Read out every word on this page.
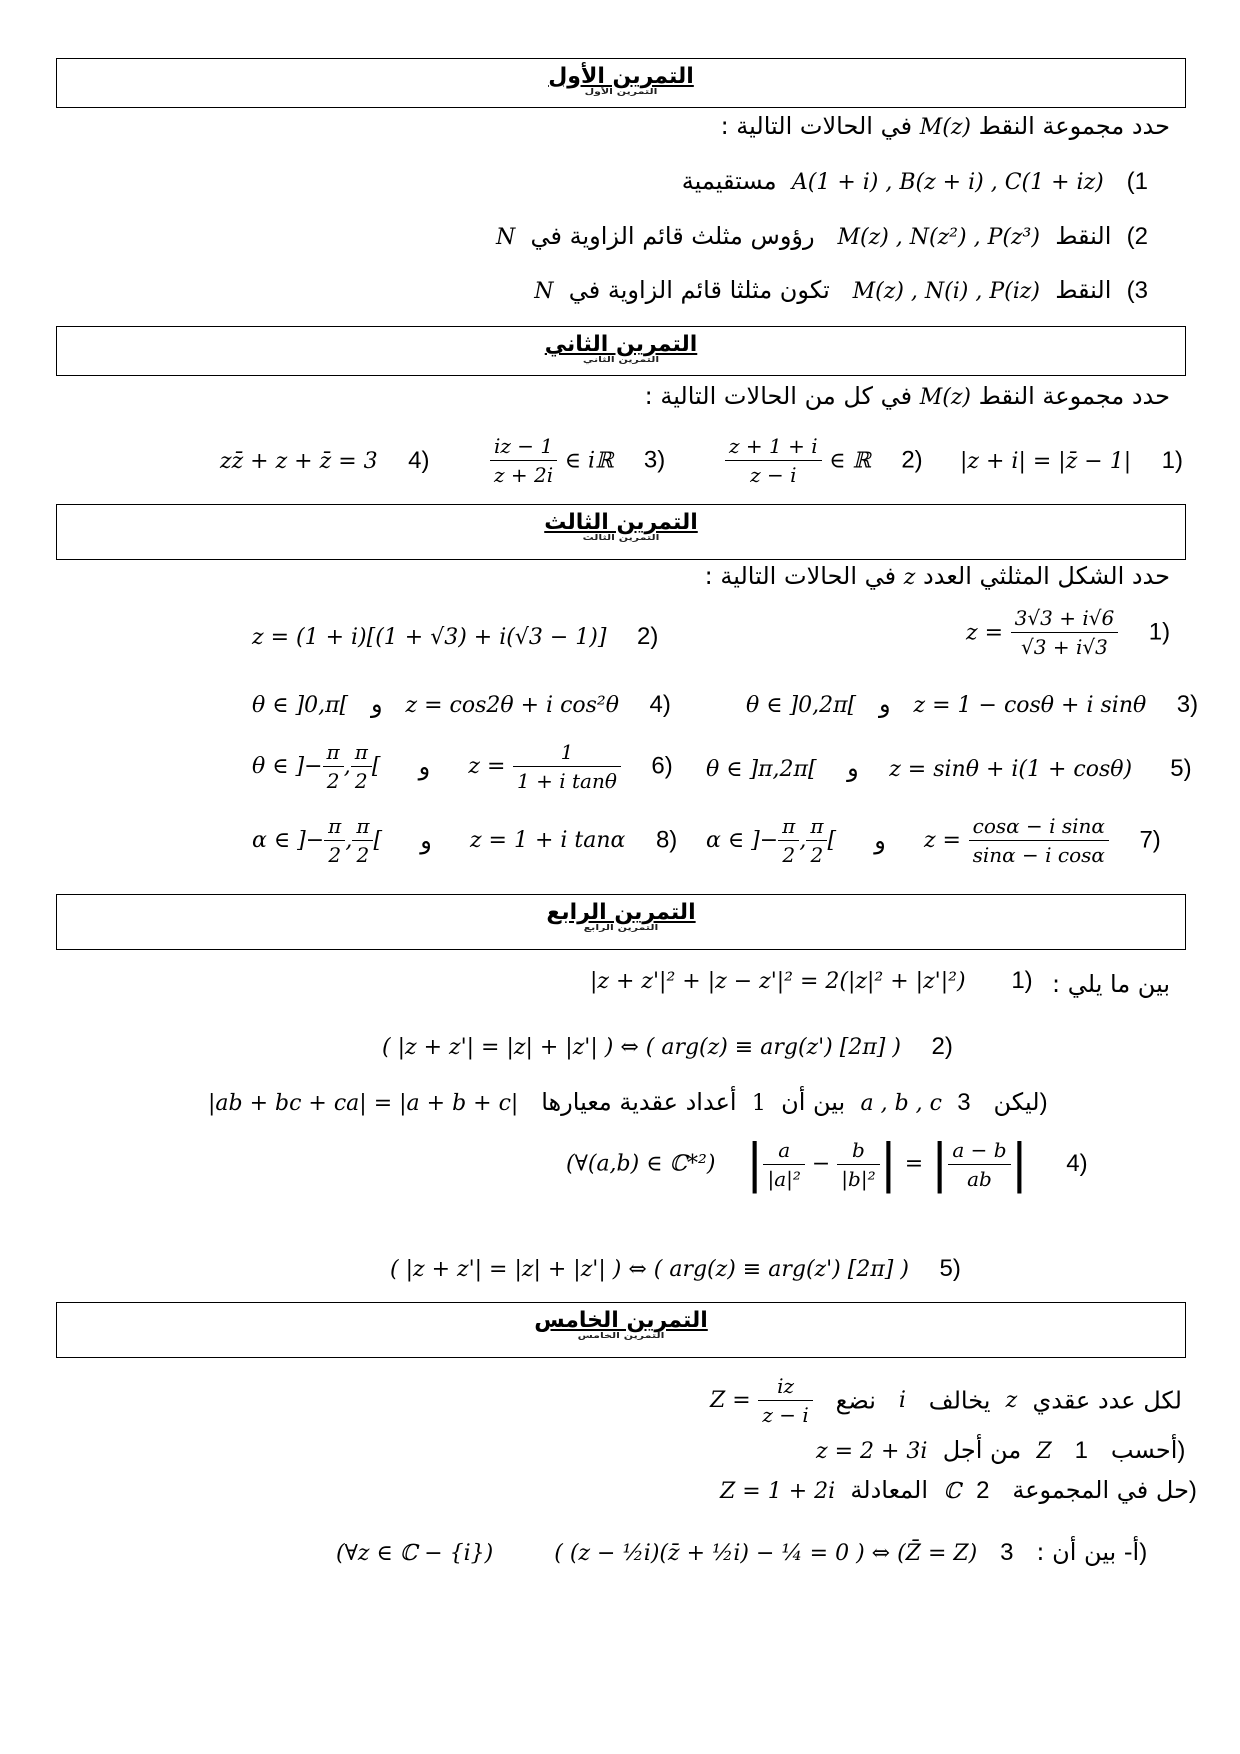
التمرين الأول
التمرين الأول
حدد مجموعة النقط M(z) في الحالات التالية :
1)   A(1 + i) , B(z + i) , C(1 + iz)  مستقيمية
2)  النقط  M(z) , N(z²) , P(z³)   رؤوس مثلث قائم الزاوية في  N
3)  النقط  M(z) , N(i) , P(iz)   تكون مثلثا قائم الزاوية في  N
التمرين الثاني
التمرين الثاني
حدد مجموعة النقط M(z) في كل من الحالات التالية :
|z + i| = |z̄ − 1| 1)
$\frac{z + 1 + i}{z - i}$ ∈ ℝ 2)
$\frac{iz - 1}{z + 2i}$ ∈ iℝ 3)
zz̄ + z + z̄ = 3 4)
التمرين الثالث
التمرين الثالث
حدد الشكل المثلثي العدد z في الحالات التالية :
$z = \frac{3√3 + i√6}{√3 + i√3} 1$)
z = (1 + i)[(1 + √3) + i(√3 − 1)] 2)
θ ∈ ]0,2π[ و z = 1 − cosθ + i sinθ 3)
θ ∈ ]0,π[ و z = cos2θ + i cos²θ 4)
θ ∈ ]π,2π[ و z = sinθ + i(1 + cosθ) 5)
θ ∈ ]− $\frac{\pi}{2}$ , $\frac{\pi}{2}$ [ و $z = \frac{1}{\text{1 + i tanθ}} 6$)
α ∈ ]− $\frac{\pi}{2}$ , $\frac{\pi}{2}$ [ و $z = \frac{\text{cosα − i sinα}}{\text{sinα − i cosα}} 7$)
α ∈ ]− $\frac{\pi}{2}$ , $\frac{\pi}{2}$ [ و z = 1 + i tanα 8)
التمرين الرابع
التمرين الرابع
بين ما يلي :
|z + z'|² + |z − z'|² = 2(|z|² + |z'|²) 1)
( |z + z'| = |z| + |z'| ) ⇔ ( arg(z) ≡ arg(z') [2π] ) 2)
|ab + bc + ca| = |a + b + c|	بين أن  1  أعداد عقدية معيارها	a , b , c ليكن   3)
(∀(a,b) ∈ ℂ*²) | $\frac{a}{\text{|a|²}} - \frac{b}{\text{|b|²}}$ | = | $\frac{a - b}{ab}$ | 4)
( |z + z'| = |z| + |z'| ) ⇔ ( arg(z) ≡ arg(z') [2π] ) 5)
التمرين الخامس
التمرين الخامس
$Z = \frac{iz}{z - i}$ نضع i يخالف z لكل عدد عقدي
z = 2 + 3i من أجل Z أحسب   1)
Z = 1 + 2i المعادلة ℂ حل في المجموعة   2)
(∀z ∈ ℂ − {i})	( (z − ½i)(z̄ + ½i) − ¼ = 0 ) ⇔ (Z̄ = Z) أ- بين أن :   3)
